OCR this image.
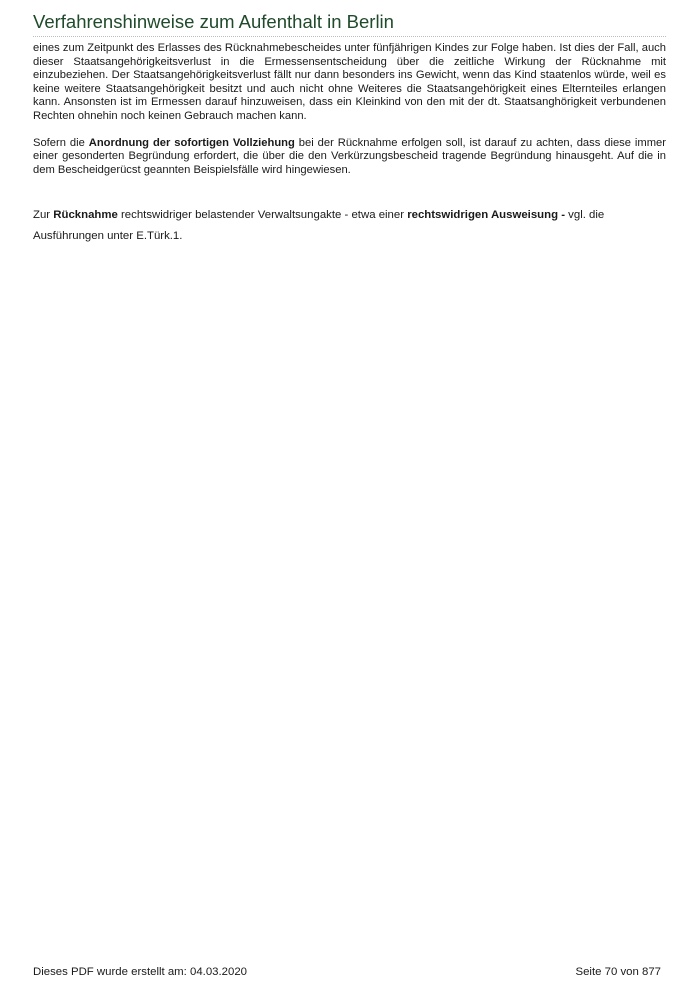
Verfahrenshinweise zum Aufenthalt in Berlin

eines zum Zeitpunkt des Erlasses des Rücknahmebescheides unter fünfjährigen Kindes zur Folge haben. Ist dies der Fall, auch dieser Staatsangehörigkeitsverlust in die Ermessensentscheidung über die zeitliche Wirkung der Rücknahme mit einzubeziehen. Der Staatsangehörigkeitsverlust fällt nur dann besonders ins Gewicht, wenn das Kind staatenlos würde, weil es keine weitere Staatsangehörigkeit besitzt und auch nicht ohne Weiteres die Staatsangehörigkeit eines Elternteiles erlangen kann. Ansonsten ist im Ermessen darauf hinzuweisen, dass ein Kleinkind von den mit der dt. Staatsanghörigkeit verbundenen Rechten ohnehin noch keinen Gebrauch machen kann.

Sofern die Anordnung der sofortigen Vollziehung bei der Rücknahme erfolgen soll, ist darauf zu achten, dass diese immer einer gesonderten Begründung erfordert, die über die den Verkürzungsbescheid tragende Begründung hinausgeht. Auf die in dem Bescheidgerücst geannten Beispielsfälle wird hingewiesen.

Zur Rücknahme rechtswidriger belastender Verwaltsungakte - etwa einer rechtswidrigen Ausweisung - vgl. die Ausführungen unter E.Türk.1.

Dieses PDF wurde erstellt am: 04.03.2020	Seite 70 von 877
